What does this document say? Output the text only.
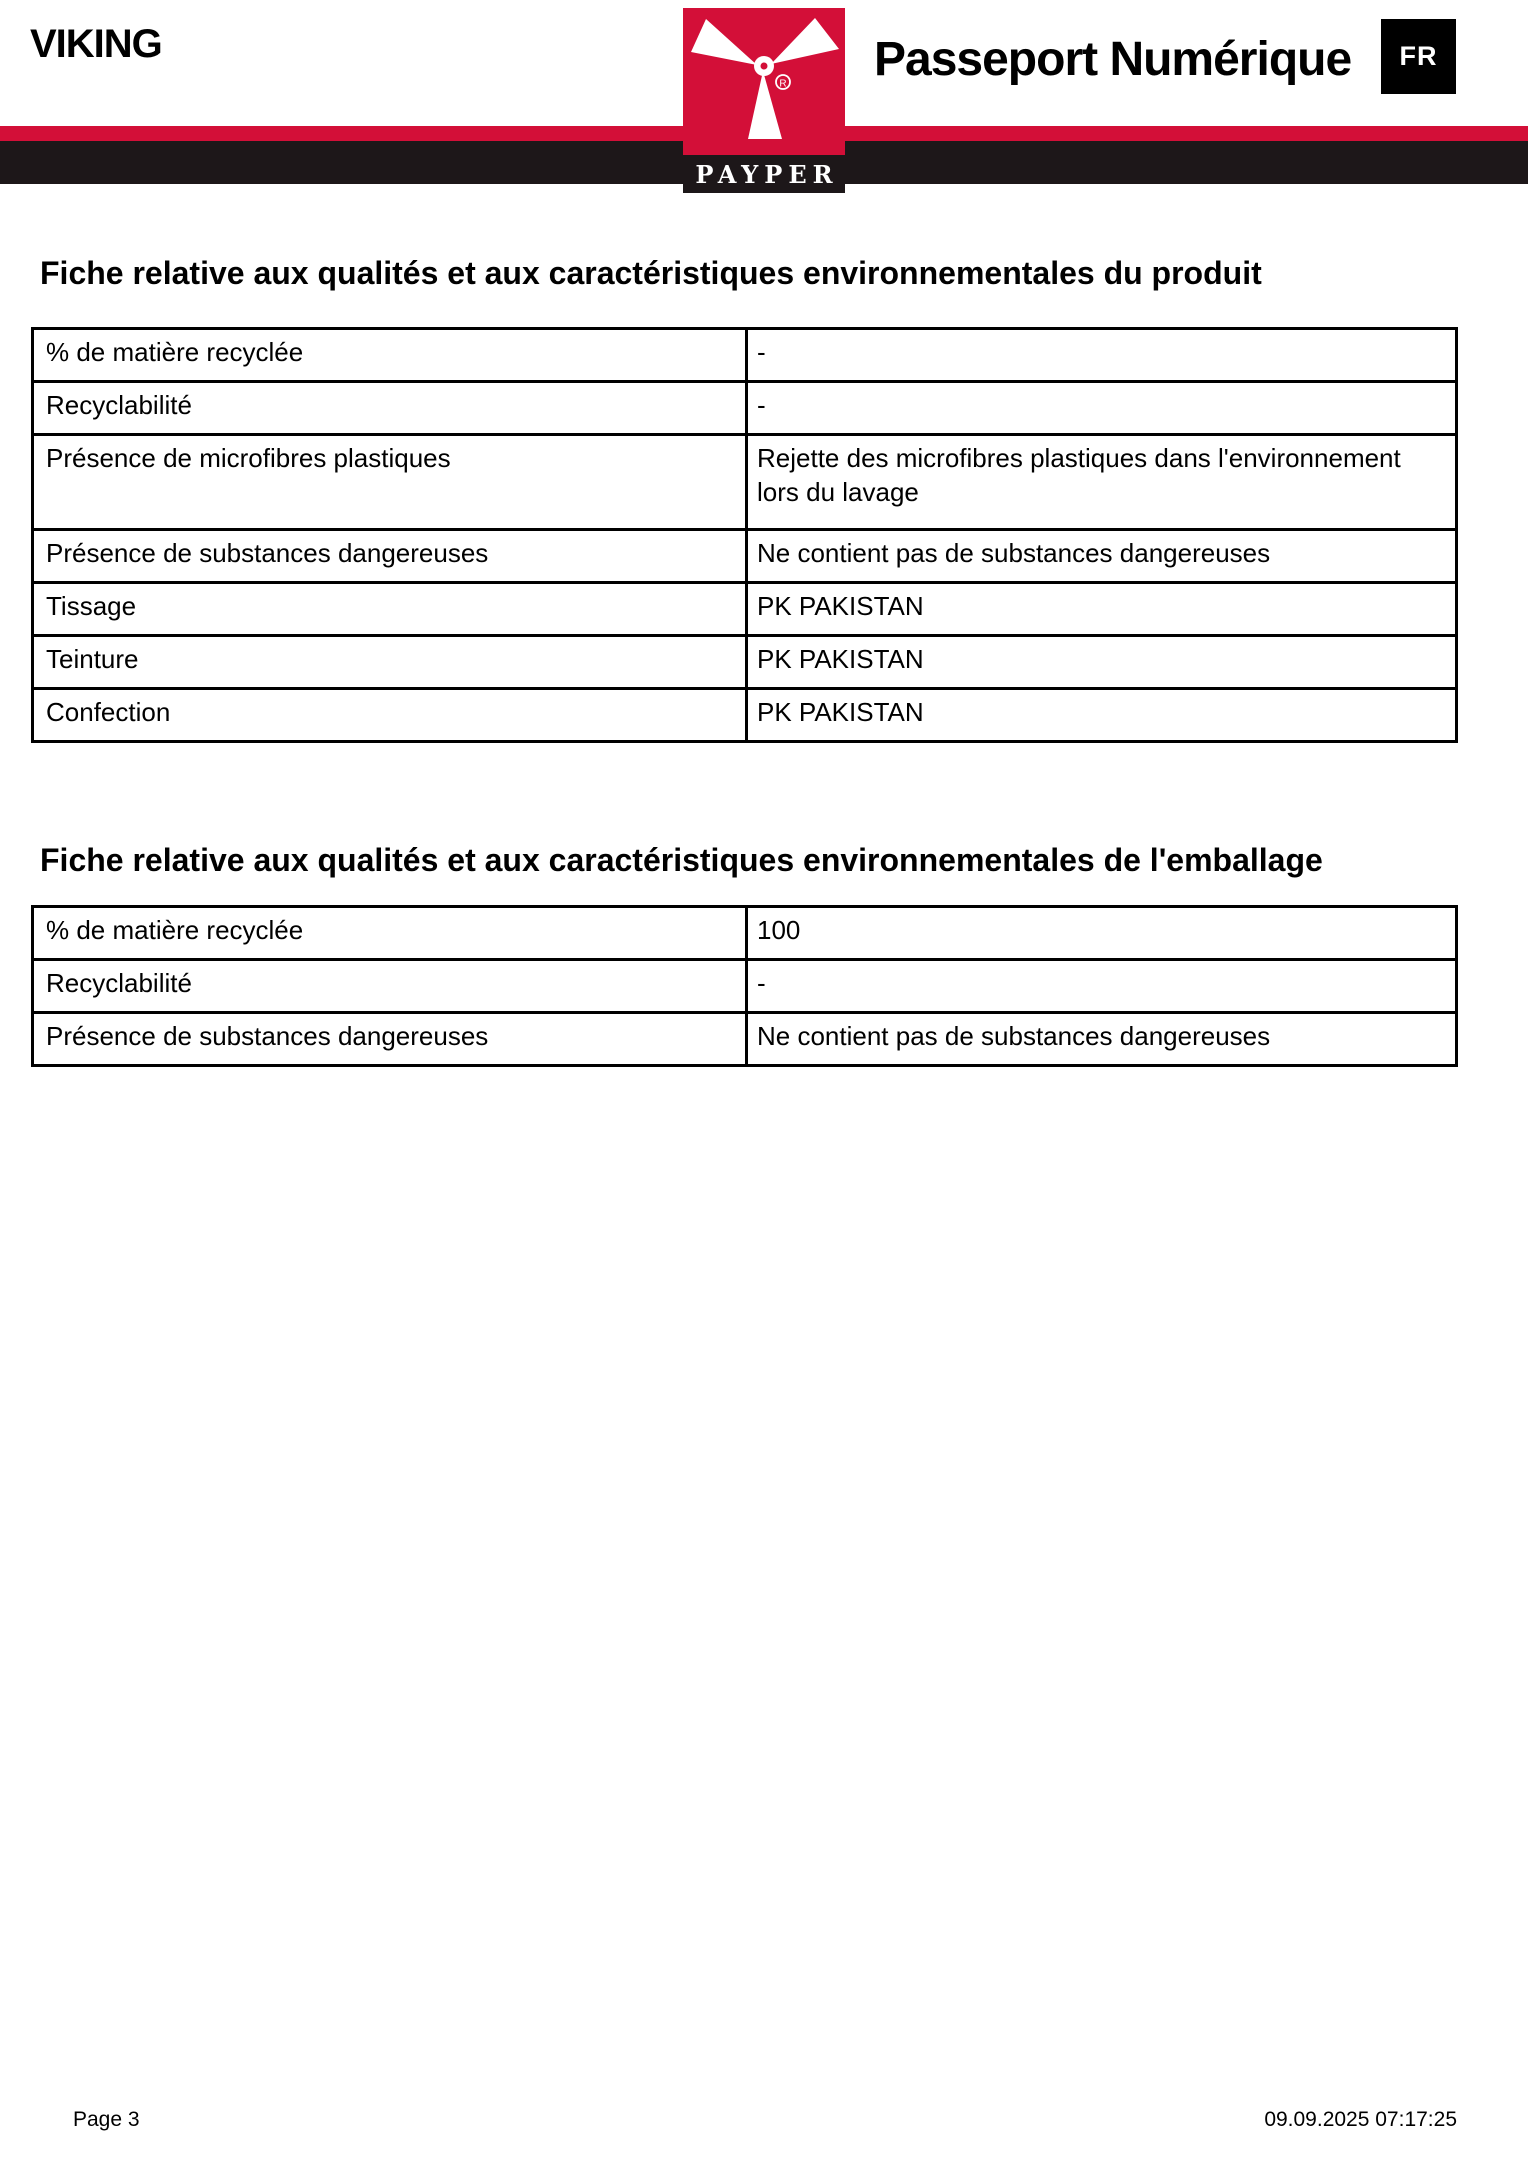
VIKING
R
PAYPER
Passeport Numérique	FR
Fiche relative aux qualités et aux caractéristiques environnementales du produit
% de matière recyclée	-
Recyclabilité	-
Présence de microfibres plastiques	Rejette des microfibres plastiques dans l'environnement lors du lavage
Présence de substances dangereuses	Ne contient pas de substances dangereuses
Tissage	PK PAKISTAN
Teinture	PK PAKISTAN
Confection	PK PAKISTAN
Fiche relative aux qualités et aux caractéristiques environnementales de l'emballage
% de matière recyclée	100
Recyclabilité	-
Présence de substances dangereuses	Ne contient pas de substances dangereuses
Page 3	09.09.2025 07:17:25
